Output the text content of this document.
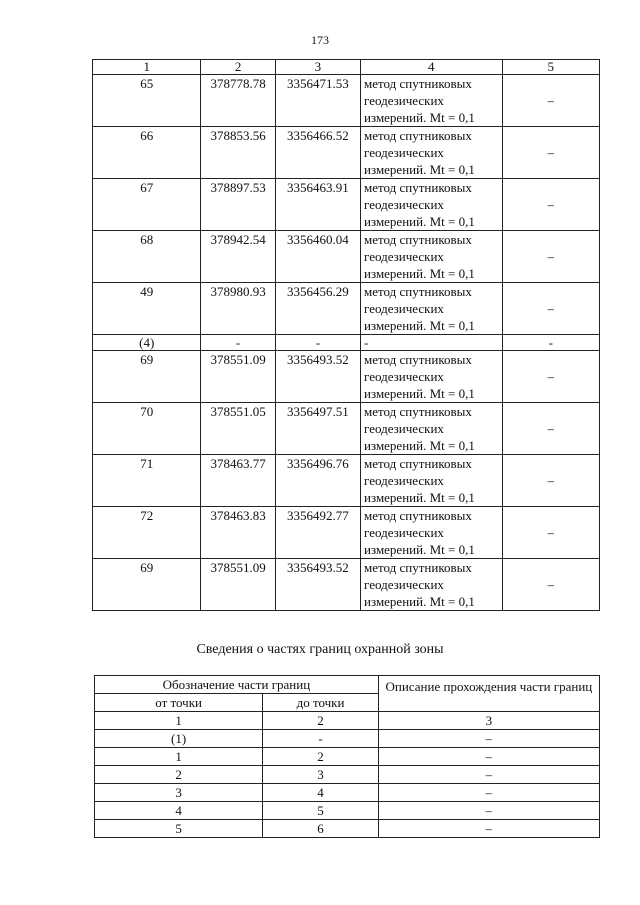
173
1	2	3	4	5
65	378778.78	3356471.53	метод спутниковых геодезических измерений. Mt = 0,1	–
66	378853.56	3356466.52	метод спутниковых геодезических измерений. Mt = 0,1	–
67	378897.53	3356463.91	метод спутниковых геодезических измерений. Mt = 0,1	–
68	378942.54	3356460.04	метод спутниковых геодезических измерений. Mt = 0,1	–
49	378980.93	3356456.29	метод спутниковых геодезических измерений. Mt = 0,1	–
(4)	-	-	-	-
69	378551.09	3356493.52	метод спутниковых геодезических измерений. Mt = 0,1	–
70	378551.05	3356497.51	метод спутниковых геодезических измерений. Mt = 0,1	–
71	378463.77	3356496.76	метод спутниковых геодезических измерений. Mt = 0,1	–
72	378463.83	3356492.77	метод спутниковых геодезических измерений. Mt = 0,1	–
69	378551.09	3356493.52	метод спутниковых геодезических измерений. Mt = 0,1	–
Сведения о частях границ охранной зоны
Обозначение части границ		Описание прохождения части границ
от точки	до точки	
1	2	3
(1)	-	–
1	2	–
2	3	–
3	4	–
4	5	–
5	6	–
